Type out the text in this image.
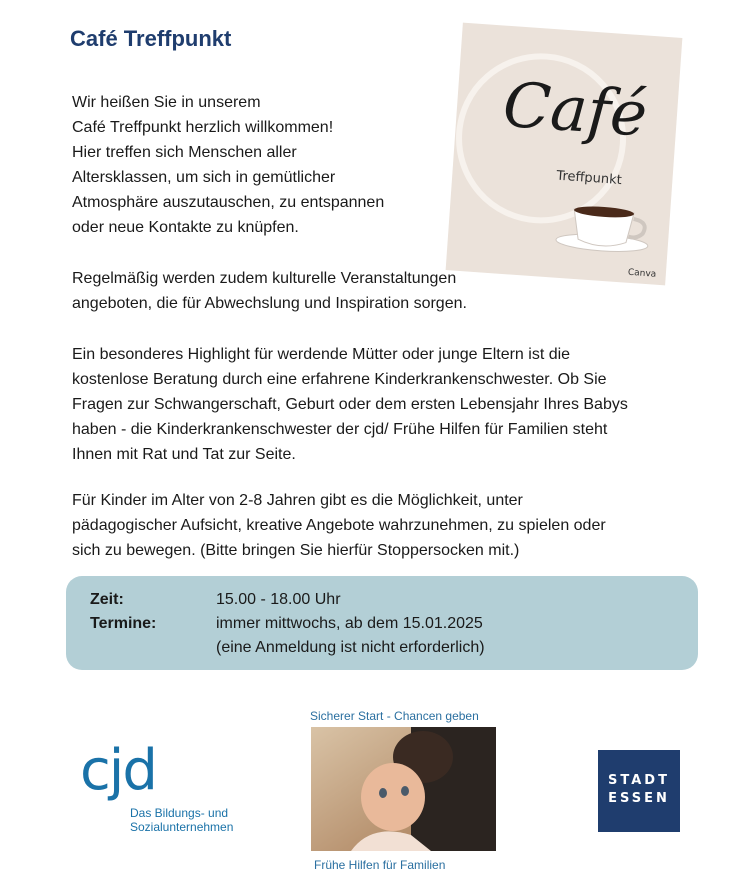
Café Treffpunkt

Wir heißen Sie in unserem
Café Treffpunkt herzlich willkommen!
Hier treffen sich Menschen aller
Altersklassen, um sich in gemütlicher
Atmosphäre auszutauschen, zu entspannen
oder neue Kontakte zu knüpfen.

Regelmäßig werden zudem kulturelle Veranstaltungen
angeboten, die für Abwechslung und Inspiration sorgen.

Ein besonderes Highlight für werdende Mütter oder junge Eltern ist die
kostenlose Beratung durch eine erfahrene Kinderkrankenschwester. Ob Sie
Fragen zur Schwangerschaft, Geburt oder dem ersten Lebensjahr Ihres Babys
haben - die Kinderkrankenschwester der cjd/ Frühe Hilfen für Familien steht
Ihnen mit Rat und Tat zur Seite.

Für Kinder im Alter von 2-8 Jahren gibt es die Möglichkeit, unter
pädagogischer Aufsicht, kreative Angebote wahrzunehmen, zu spielen oder
sich zu bewegen. (Bitte bringen Sie hierfür Stoppersocken mit.)

Café
Treffpunkt
Canva
Zeit:	15.00 - 18.00 Uhr
Termine:	immer mittwochs, ab dem 15.01.2025
(eine Anmeldung ist nicht erforderlich)
cjd
Das Bildungs- und
Sozialunternehmen
Sicherer Start - Chancen geben
Frühe Hilfen für Familien
STADT
ESSEN
